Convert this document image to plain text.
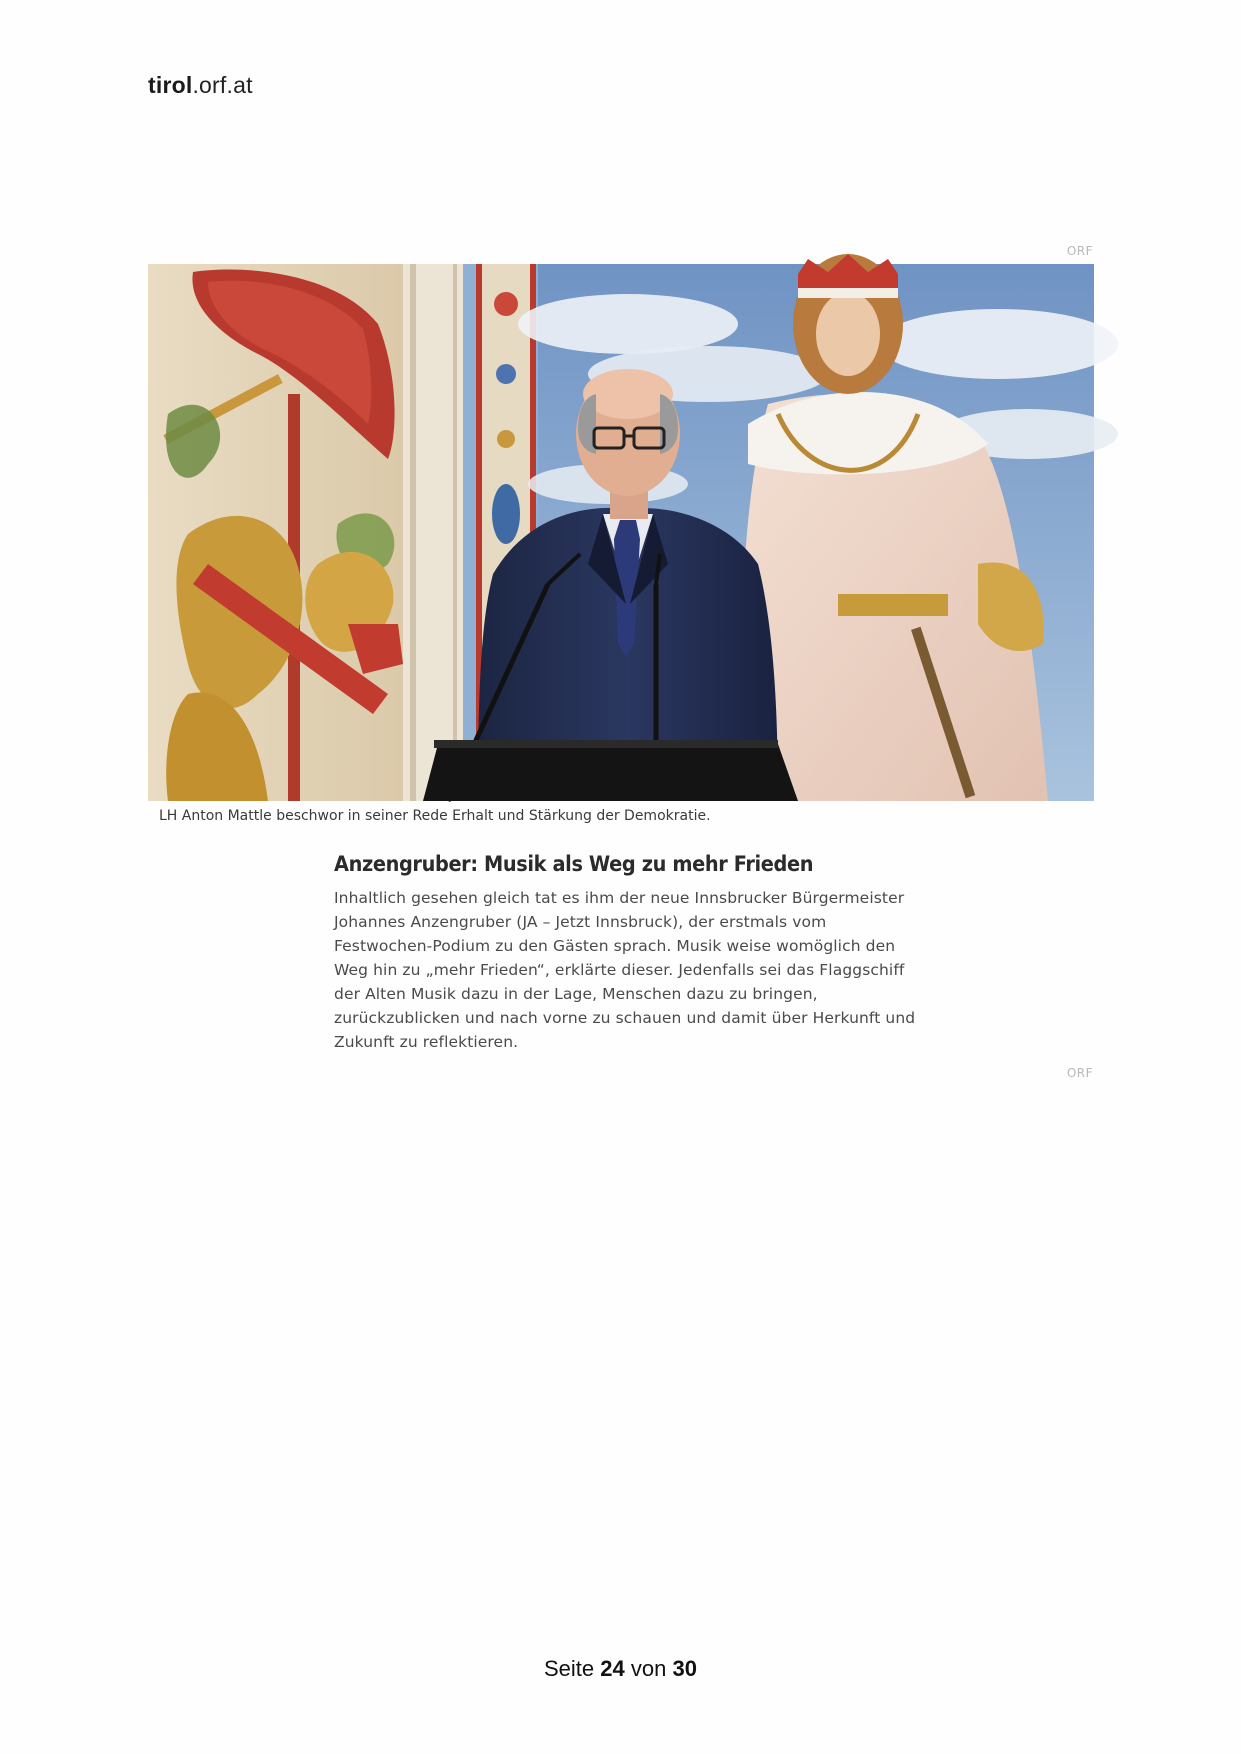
tirol.orf.at
ORF
LH Anton Mattle beschwor in seiner Rede Erhalt und Stärkung der Demokratie.
Anzengruber: Musik als Weg zu mehr Frieden

Inhaltlich gesehen gleich tat es ihm der neue Innsbrucker Bürgermeister Johannes Anzengruber (JA – Jetzt Innsbruck), der erstmals vom Festwochen-Podium zu den Gästen sprach. Musik weise womöglich den Weg hin zu „mehr Frieden“, erklärte dieser. Jedenfalls sei das Flaggschiff der Alten Musik dazu in der Lage, Menschen dazu zu bringen, zurückzublicken und nach vorne zu schauen und damit über Herkunft und Zukunft zu reflektieren.

ORF
Seite 24 von 30
